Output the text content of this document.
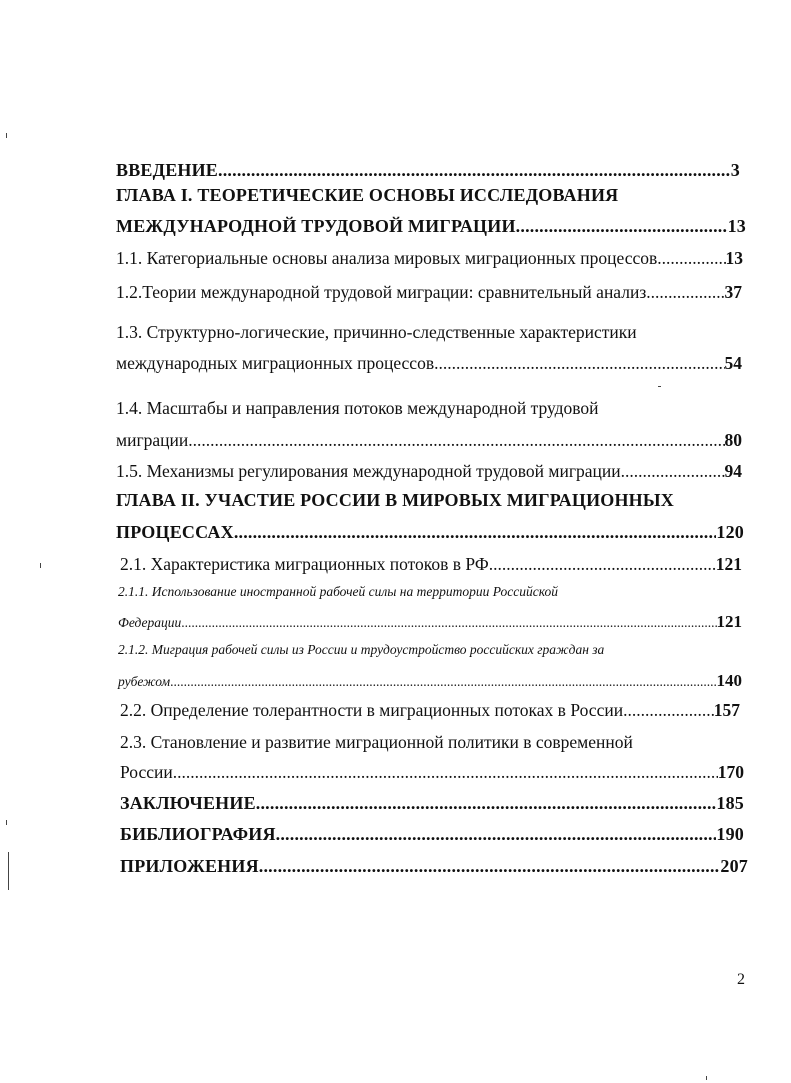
ВВЕДЕНИЕ .....	3
ГЛАВА I. ТЕОРЕТИЧЕСКИЕ ОСНОВЫ ИССЛЕДОВАНИЯ
МЕЖДУНАРОДНОЙ ТРУДОВОЙ МИГРАЦИИ .....	13
1.1. Категориальные основы анализа мировых миграционных процессов .....	13
1.2.Теории международной трудовой миграции: сравнительный анализ .....	37
1.3. Структурно-логические, причинно-следственные характеристики
международных миграционных процессов .....	54
1.4. Масштабы и направления потоков международной трудовой
миграции .....	80
1.5. Механизмы регулирования международной трудовой миграции .....	94
ГЛАВА II. УЧАСТИЕ РОССИИ В МИРОВЫХ МИГРАЦИОННЫХ
ПРОЦЕССАХ .....	120
2.1. Характеристика миграционных потоков в РФ .....	121
2.1.1. Использование иностранной рабочей силы на территории Российской
Федерации .....	121
2.1.2. Миграция рабочей силы из России и трудоустройство российских граждан за
рубежом .....	140
2.2. Определение толерантности в миграционных потоках в России .....	157
2.3. Становление и развитие миграционной политики в современной
России .....	170
ЗАКЛЮЧЕНИЕ .....	185
БИБЛИОГРАФИЯ .....	190
ПРИЛОЖЕНИЯ .....	207
2
